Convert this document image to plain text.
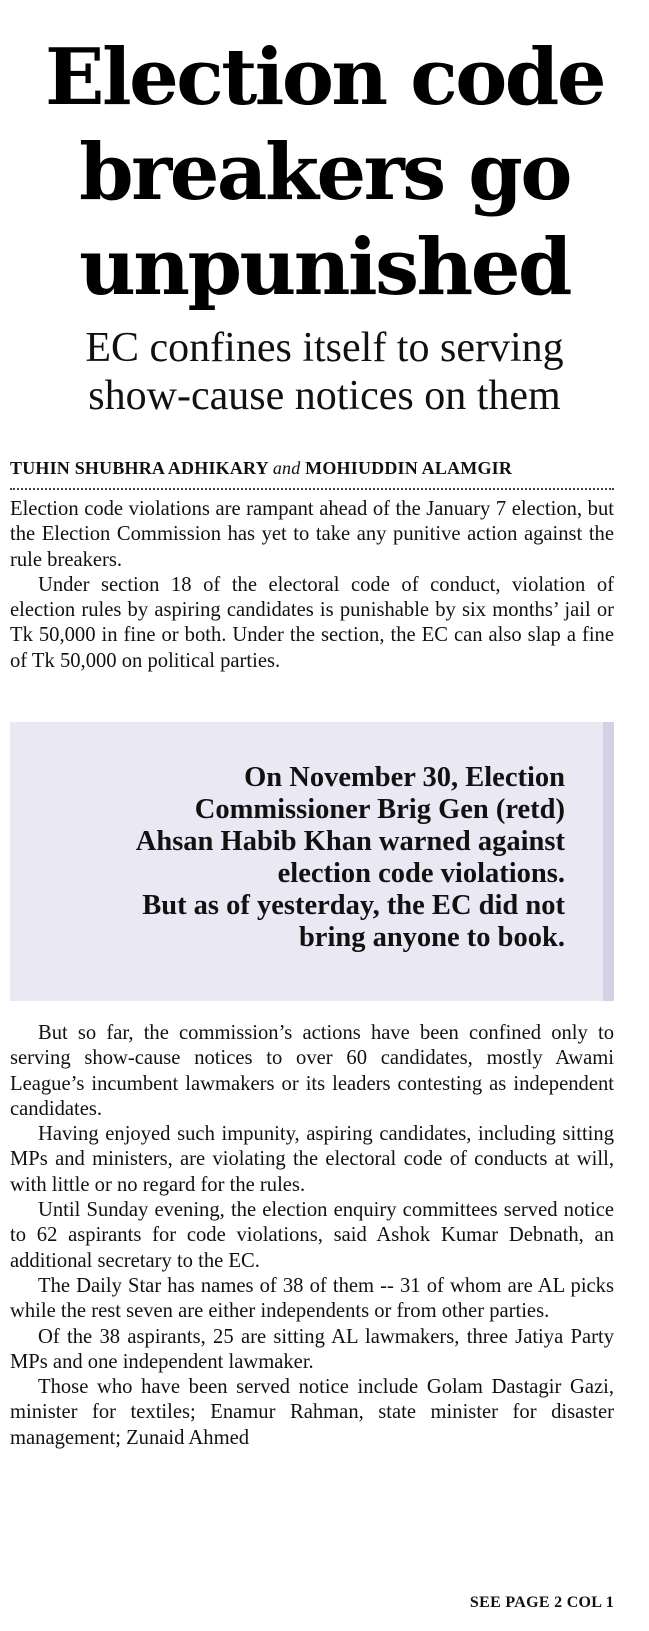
Election code
breakers go
unpunished
EC confines itself to serving
show-cause notices on them
TUHIN SHUBHRA ADHIKARY and MOHIUDDIN ALAMGIR

Election code violations are rampant ahead of the January 7 election, but the Election Commission has yet to take any punitive action against the rule breakers.

Under section 18 of the electoral code of conduct, violation of election rules by aspiring candidates is punishable by six months’ jail or Tk 50,000 in fine or both. Under the section, the EC can also slap a fine of Tk 50,000 on political parties.

On November 30, Election
Commissioner Brig Gen (retd)
Ahsan Habib Khan warned against
election code violations.
But as of yesterday, the EC did not
bring anyone to book.

But so far, the commission’s actions have been confined only to serving show-cause notices to over 60 candidates, mostly Awami League’s incumbent lawmakers or its leaders contesting as independent candidates.

Having enjoyed such impunity, aspiring candidates, including sitting MPs and ministers, are violating the electoral code of conducts at will, with little or no regard for the rules.

Until Sunday evening, the election enquiry committees served notice to 62 aspirants for code violations, said Ashok Kumar Debnath, an additional secretary to the EC.

The Daily Star has names of 38 of them -- 31 of whom are AL picks while the rest seven are either independents or from other parties.

Of the 38 aspirants, 25 are sitting AL lawmakers, three Jatiya Party MPs and one independent lawmaker.

Those who have been served notice include Golam Dastagir Gazi, minister for textiles; Enamur Rahman, state minister for disaster management; Zunaid Ahmed

SEE PAGE 2 COL 1
